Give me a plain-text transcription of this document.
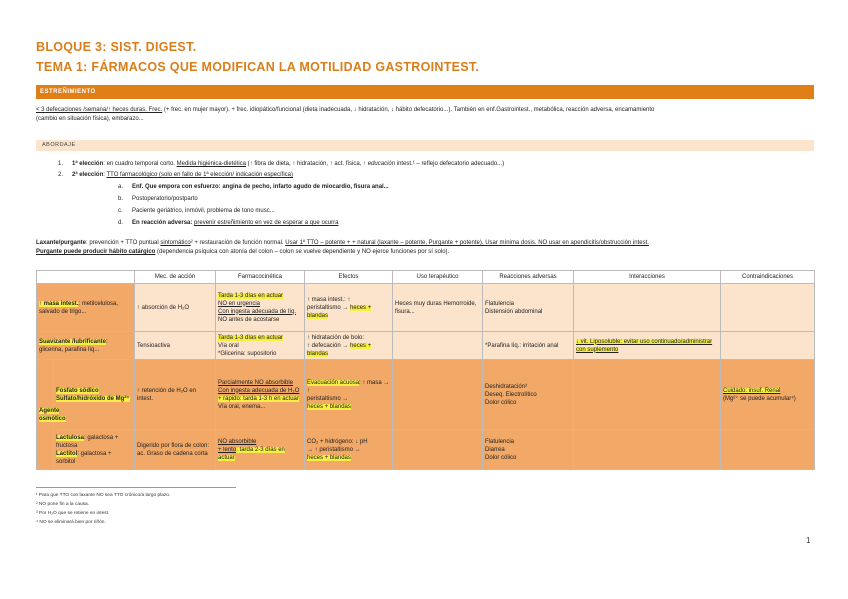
BLOQUE 3: SIST. DIGEST.
TEMA 1: FÁRMACOS QUE MODIFICAN LA MOTILIDAD GASTROINTEST.
ESTREÑIMIENTO
< 3 defecaciones /semana/↑ heces duras. Frec. (+ frec. en mujer mayor). + frec. idiopático/funcional (dieta inadecuada, ↓ hidratación, ↓ hábito defecatorio...). También en enf.Gastrointest., metabólica, reacción adversa, encamamiento
(cambio en situación física), embarazo...
ABORDAJE
1. 1ª elección: en cuadro temporal corto. Medida higiénica-dietética (↑ fibra de dieta, ↑ hidratación, ↑ act. física, ↑ educación intest.¹ – reflejo defecatorio adecuado...)
2. 2ª elección: TTO farmacológico (solo en fallo de 1ª elección/ indicación específica)
a. Enf. Que empora con esfuerzo: angina de pecho, infarto agudo de miocardio, fisura anal...
b. Postoperatorio/postparto
c. Paciente geriátrico, inmóvil, problema de tono musc...
d. En reacción adversa: prevenir estreñimiento en vez de esperar a que ocurra
Laxante/purgante: prevención + TTO puntual sintomático² + restauración de función normal. Usar 1º TTO – potente + + natural (laxante – potente, Purgante + potente). Usar mínima dosis. NO usar en apendicitis/obstrucción intest.
Purgante puede producir hábito catárgico (dependencia psíquica con atonía del colon – colon se vuelve dependiente y NO ejerce funciones por sí solo).
		Mec. de acción	Farmacocinética	Efectos	Uso terapéutico	Reacciones adversas	Interacciones	Contraindicaciones
↑ masa intest.: metilcelulosa, salvado de trigo...		↑ absorción de H₂O	Tarda 1-3 días en actuar
NO en urgencia
Con ingesta adecuada de líq.
NO antes de acostarse	↑ masa intest.: ↑
peristaltismo → heces + blandas	Heces muy duras Hemorroide, fisura...	Flatulencia
Distensión abdominal		
Suavizante /lubrificante: glicerina, parafina líq...		Tensioactiva	Tarda 1-3 días en actuar
Vía oral
*Glicerina: supositorio	↑ hidratación de bolo:
↑ defecación → heces + blandas		*Parafina líq.: irritación anal	↓ vit. Liposoluble: evitar uso continuado/administrar con suplemento	
Agente osmótico	Fosfato sódico Sulfato/hidróxido de Mg²⁺	↑ retención de H₂O en intest.	Parcialmente NO absorbible
Con ingesta adecuada de H₂O
+ rápido: tarda 1-3 h en actuar
Vía oral, enema...	Evacuación acuosa: ↑ masa → ↑
peristaltismo →
heces + blandas		Deshidratación³
Deseq. Electrolítico
Dolor cólico		Cuidado: insuf. Renal
(Mg²⁺ se puede acumular⁴)
	Lactulosa: galactosa + fructosa
Lactitol: galactosa + sorbitol	Digerido por flora de colon: ac. Graso de cadena corta	NO absorbible
+ lento: tarda 2-3 días en actuar	CO₂ + hidrógeno: ↓ pH
→ ↑ peristaltismo →
heces + blandas		Flatulencia
Diarrea
Dolor cólico		
¹ Para que TTO con laxante NO sea TTO crónico/a largo plazo.
² NO pone fin a la causa.
³ Por H₂O que se retiene en intest.
⁴ NO se eliminará bien por riñón.
1
